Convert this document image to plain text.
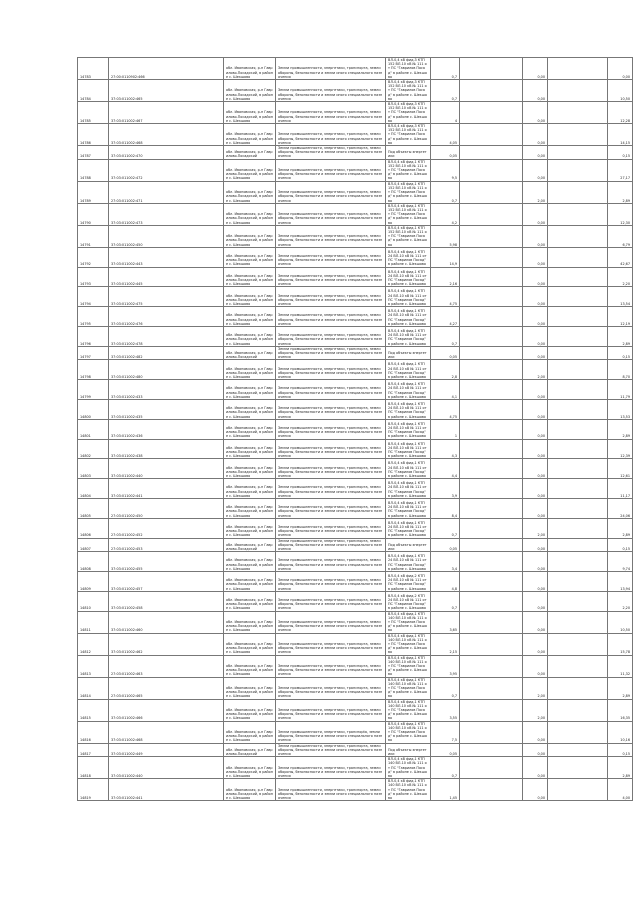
14783	27:00:0110902:466	обл. Ивановская, р-н Гаврилово-Посадский, в районе с. Шекшово	Земли промышленности, энергетики, транспорта, земли обороны, безопасности и земли иного специального назначения	ВЛ-0,4 кВ фид.3 КТП 152 ВЛ-10 кВ № 111 от ПС "Гаврилов Посад" в районе с. Шекшово	0,7		0,00		0,00
14784	37:03:011002:465	обл. Ивановская, р-н Гаврилово-Посадский, в районе с. Шекшово	Земли промышленности, энергетики, транспорта, земли обороны, безопасности и земли иного специального назначения	ВЛ-0,4 кВ фид.3 КТП 152 ВЛ-10 кВ № 111 от ПС "Гаврилов Посад" в районе с. Шекшово	0,7		0,00		10,50
14785	37:03:011002:467	обл. Ивановская, р-н Гаврилово-Посадский, в районе с. Шекшово	Земли промышленности, энергетики, транспорта, земли обороны, безопасности и земли иного специального назначения	ВЛ-0,4 кВ фид.3 КТП 152 ВЛ-10 кВ № 111 от ПС "Гаврилов Посад" в районе с. Шекшово	4		0,00		12,28
14786	37:03:011002:468	обл. Ивановская, р-н Гаврилово-Посадский, в районе с. Шекшово	Земли промышленности, энергетики, транспорта, земли обороны, безопасности и земли иного специального назначения	ВЛ-0,4 кВ фид.3 КТП 152 ВЛ-10 кВ № 111 от ПС "Гаврилов Посад" в районе с. Шекшово	4,05		0,00		14,15
14787	37:03:011002:470	обл. Ивановская, р-н Гаврилово-Посадский	Земли промышленности, энергетики, транспорта, земли обороны, безопасности и земли иного специального назначения	Под объекты энергетики	0,05		0,00		0,15
14788	37:03:011002:472	обл. Ивановская, р-н Гаврилово-Посадский, в районе с. Шекшово	Земли промышленности, энергетики, транспорта, земли обороны, безопасности и земли иного специального назначения	ВЛ-0,4 кВ фид.1 КТП 152 ВЛ-10 кВ № 111 от ПС "Гаврилов Посад" в районе с. Шекшово	9,5		0,00		27,17
14789	27:03:011002:471	обл. Ивановская, р-н Гаврилово-Посадский, в районе с. Шекшово	Земли промышленности, энергетики, транспорта, земли обороны, безопасности и земли иного специального назначения	ВЛ-0,4 кВ фид.1 КТП 152 ВЛ-10 кВ № 111 от ПС "Гаврилов Посад" в районе с. Шекшово	0,7		2,00		2,89
14790	37:03:011002:473	обл. Ивановская, р-н Гаврилово-Посадский, в районе с. Шекшово	Земли промышленности, энергетики, транспорта, земли обороны, безопасности и земли иного специального назначения	ВЛ-0,4 кВ фид.1 КТП 152 ВЛ-10 кВ № 111 от ПС "Гаврилов Посад" в районе с. Шекшово	4,2		0,00		12,30
14791	37:03:011002:450	обл. Ивановская, р-н Гаврилово-Посадский, в районе с. Шекшово	Земли промышленности, энергетики, транспорта, земли обороны, безопасности и земли иного специального назначения	ВЛ-0,4 кВ фид.1 КТП 152 ВЛ-10 кВ № 111 от ПС "Гаврилов Посад" в районе с. Шекшово	5,98		0,00		6,79
14792	37:03:011002:443	обл. Ивановская, р-н Гаврилово-Посадский, в районе с. Шекшово	Земли промышленности, энергетики, транспорта, земли обороны, безопасности и земли иного специального назначения	ВЛ-0,4 кВ фид.1 КТП 24 ВЛ-10 кВ № 111 от ПС "Гаврилов Посад" в районе с. Шекшово	14,9		0,00		42,67
14793	37:03:011002:445	обл. Ивановская, р-н Гаврилово-Посадский, в районе с. Шекшово	Земли промышленности, энергетики, транспорта, земли обороны, безопасности и земли иного специального назначения	ВЛ-0,4 кВ фид.1 КТП 24 ВЛ-10 кВ № 111 от ПС "Гаврилов Посад" в районе с. Шекшово	2,16		0,00		2,20
14794	37:03:011002:475	обл. Ивановская, р-н Гаврилово-Посадский, в районе с. Шекшово	Земли промышленности, энергетики, транспорта, земли обороны, безопасности и земли иного специального назначения	ВЛ-0,4 кВ фид.1 КТП 24 ВЛ-10 кВ № 111 от ПС "Гаврилов Посад" в районе с. Шекшово	4,75		0,00		13,54
14795	37:03:011002:476	обл. Ивановская, р-н Гаврилово-Посадский, в районе с. Шекшово	Земли промышленности, энергетики, транспорта, земли обороны, безопасности и земли иного специального назначения	ВЛ-0,4 кВ фид.1 КТП 24 ВЛ-10 кВ № 111 от ПС "Гаврилов Посад" в районе с. Шекшово	4,27		0,00		12,19
14796	37:03:011002:478	обл. Ивановская, р-н Гаврилово-Посадский, в районе с. Шекшово	Земли промышленности, энергетики, транспорта, земли обороны, безопасности и земли иного специального назначения	ВЛ-0,4 кВ фид.1 КТП 24 ВЛ-10 кВ № 111 от ПС "Гаврилов Посад" в районе с. Шекшово	0,7		0,00		2,89
14797	37:03:011002:482	обл. Ивановская, р-н Гаврилово-Посадский	Земли промышленности, энергетики, транспорта, земли обороны, безопасности и земли иного специального назначения	Под объекты энергетики	0,05		0,00		0,15
14798	37:03:011002:480	обл. Ивановская, р-н Гаврилово-Посадский, в районе с. Шекшово	Земли промышленности, энергетики, транспорта, земли обороны, безопасности и земли иного специального назначения	ВЛ-0,4 кВ фид.1 КТП 24 ВЛ-10 кВ № 111 от ПС "Гаврилов Посад" в районе с. Шекшово	2,8		2,00		8,70
14799	37:03:011002:433	обл. Ивановская, р-н Гаврилово-Посадский, в районе с. Шекшово	Земли промышленности, энергетики, транспорта, земли обороны, безопасности и земли иного специального назначения	ВЛ-0,4 кВ фид.1 КТП 24 ВЛ-10 кВ № 111 от ПС "Гаврилов Посад" в районе с. Шекшово	4,1		0,00		11,79
14800	37:03:011002:435	обл. Ивановская, р-н Гаврилово-Посадский, в районе с. Шекшово	Земли промышленности, энергетики, транспорта, земли обороны, безопасности и земли иного специального назначения	ВЛ-0,4 кВ фид.1 КТП 24 ВЛ-10 кВ № 111 от ПС "Гаврилов Посад" в районе с. Шекшово	4,75		0,00		13,53
14801	37:03:011002:436	обл. Ивановская, р-н Гаврилово-Посадский, в районе с. Шекшово	Земли промышленности, энергетики, транспорта, земли обороны, безопасности и земли иного специального назначения	ВЛ-0,4 кВ фид.1 КТП 24 ВЛ-10 кВ № 111 от ПС "Гаврилов Посад" в районе с. Шекшово	1		0,00		2,89
14802	37:03:011002:438	обл. Ивановская, р-н Гаврилово-Посадский, в районе с. Шекшово	Земли промышленности, энергетики, транспорта, земли обороны, безопасности и земли иного специального назначения	ВЛ-0,4 кВ фид.1 КТП 24 ВЛ-10 кВ № 111 от ПС "Гаврилов Посад" в районе с. Шекшово	4,3		0,00		12,39
14803	37:03:011002:440	обл. Ивановская, р-н Гаврилово-Посадский, в районе с. Шекшово	Земли промышленности, энергетики, транспорта, земли обороны, безопасности и земли иного специального назначения	ВЛ-0,4 кВ фид.1 КТП 24 ВЛ-10 кВ № 111 от ПС "Гаврилов Посад" в районе с. Шекшово	4,4		0,00		12,61
14804	37:03:011002:441	обл. Ивановская, р-н Гаврилово-Посадский, в районе с. Шекшово	Земли промышленности, энергетики, транспорта, земли обороны, безопасности и земли иного специального назначения	ВЛ-0,4 кВ фид.1 КТП 24 ВЛ-10 кВ № 111 от ПС "Гаврилов Посад" в районе с. Шекшово	3,9		0,00		11,17
14805	27:03:011002:450	обл. Ивановская, р-н Гаврилово-Посадский, в районе с. Шекшово	Земли промышленности, энергетики, транспорта, земли обороны, безопасности и земли иного специального назначения	ВЛ-0,4 кВ фид.1 КТП 24 ВЛ-10 кВ № 111 от ПС "Гаврилов Посад" в районе с. Шекшово	8,4		0,00		24,06
14806	27:03:011002:452	обл. Ивановская, р-н Гаврилово-Посадский, в районе с. Шекшово	Земли промышленности, энергетики, транспорта, земли обороны, безопасности и земли иного специального назначения	ВЛ-0,4 кВ фид.1 КТП 24 ВЛ-10 кВ № 111 от ПС "Гаврилов Посад" в районе с. Шекшово	0,7		2,00		2,89
14807	27:03:011002:453	обл. Ивановская, р-н Гаврилово-Посадский	Земли промышленности, энергетики, транспорта, земли обороны, безопасности и земли иного специального назначения	Под объекты энергетики	0,05		0,00		0,15
14808	37:03:011002:455	обл. Ивановская, р-н Гаврилово-Посадский, в районе с. Шекшово	Земли промышленности, энергетики, транспорта, земли обороны, безопасности и земли иного специального назначения	ВЛ-0,4 кВ фид.1 КТП 24 ВЛ-10 кВ № 111 от ПС "Гаврилов Посад" в районе с. Шекшово	3,4		0,00		9,74
14809	37:03:011002:457	обл. Ивановская, р-н Гаврилово-Посадский, в районе с. Шекшово	Земли промышленности, энергетики, транспорта, земли обороны, безопасности и земли иного специального назначения	ВЛ-0,4 кВ фид.2 КТП 24 ВЛ-10 кВ № 111 от ПС "Гаврилов Посад" в районе с. Шекшово	4,8		0,00		13,94
14810	37:03:011002:458	обл. Ивановская, р-н Гаврилово-Посадский, в районе с. Шекшово	Земли промышленности, энергетики, транспорта, земли обороны, безопасности и земли иного специального назначения	ВЛ-0,4 кВ фид.2 КТП 24 ВЛ-10 кВ № 111 от ПС "Гаврилов Посад" в районе с. Шекшово	0,7		0,00		2,20
14811	37:03:011002:460	обл. Ивановская, р-н Гаврилово-Посадский, в районе с. Шекшово	Земли промышленности, энергетики, транспорта, земли обороны, безопасности и земли иного специального назначения	ВЛ-0,4 кВ фид.1 КТП 140 ВЛ-10 кВ № 111 от ПС "Гаврилов Посад" в районе с. Шекшово	3,65		0,00		10,50
14812	37:03:011002:462	обл. Ивановская, р-н Гаврилово-Посадский, в районе с. Шекшово	Земли промышленности, энергетики, транспорта, земли обороны, безопасности и земли иного специального назначения	ВЛ-0,4 кВ фид.1 КТП 140 ВЛ-10 кВ № 111 от ПС "Гаврилов Посад" в районе с. Шекшово	2,15		0,00		15,78
14813	27:03:011002:463	обл. Ивановская, р-н Гаврилово-Посадский, в районе с. Шекшово	Земли промышленности, энергетики, транспорта, земли обороны, безопасности и земли иного специального назначения	ВЛ-0,4 кВ фид.1 КТП 140 ВЛ-10 кВ № 111 от ПС "Гаврилов Посад" в районе с. Шекшово	3,95		0,00		11,32
14814	27:03:011002:465	обл. Ивановская, р-н Гаврилово-Посадский, в районе с. Шекшово	Земли промышленности, энергетики, транспорта, земли обороны, безопасности и земли иного специального назначения	ВЛ-0,4 кВ фид.1 КТП 140 ВЛ-10 кВ № 111 от ПС "Гаврилов Посад" в районе с. Шекшово	0,7		2,00		2,89
14815	37:03:011002:466	обл. Ивановская, р-н Гаврилово-Посадский, в районе с. Шекшово	Земли промышленности, энергетики, транспорта, земли обороны, безопасности и земли иного специального назначения	ВЛ-0,4 кВ фид.1 КТП 140 ВЛ-10 кВ № 111 от ПС "Гаврилов Посад" в районе с. Шекшово	3,55		2,00		16,35
14816	37:03:011002:468	обл. Ивановская, р-н Гаврилово-Посадский, в районе с. Шекшово	Земли промышленности, энергетики, транспорta, земли обороны, безопасности и земли иного специального назначения	ВЛ-0,4 кВ фид.1 КТП 140 ВЛ-10 кВ № 111 от ПС "Гаврилов Посад" в районе с. Шекшово	7,5		0,00		10,16
14817	37:03:011002:449	обл. Ивановская, р-н Гаврилово-Посадский	Земли промышленности, энергетики, транспорта, земли обороны, безопасности и земли иного специального назначения	Под объекты энергетики	0,05		0,00		0,15
14818	37:03:011002:440	обл. Ивановская, р-н Гаврилово-Посадский, в районе с. Шекшово	Земли промышленности, энергетики, транспорта, земли обороны, безопасности и земли иного специального назначения	ВЛ-0,4 кВ фид.1 КТП 140 ВЛ-10 кВ № 111 от ПС "Гаврилов Посад" в районе с. Шекшово	0,7		0,00		2,89
14819	37:03:011002:441	обл. Ивановская, р-н Гаврилово-Посадский, в районе с. Шекшово	Земли промышленности, энергетики, транспорта, земли обороны, безопасности и земли иного специального назначения	ВЛ-0,4 кВ фид.1 КТП 140 ВЛ-10 кВ № 111 от ПС "Гаврилов Посад" в районе с. Шекшово	1,45		0,00		4,00
